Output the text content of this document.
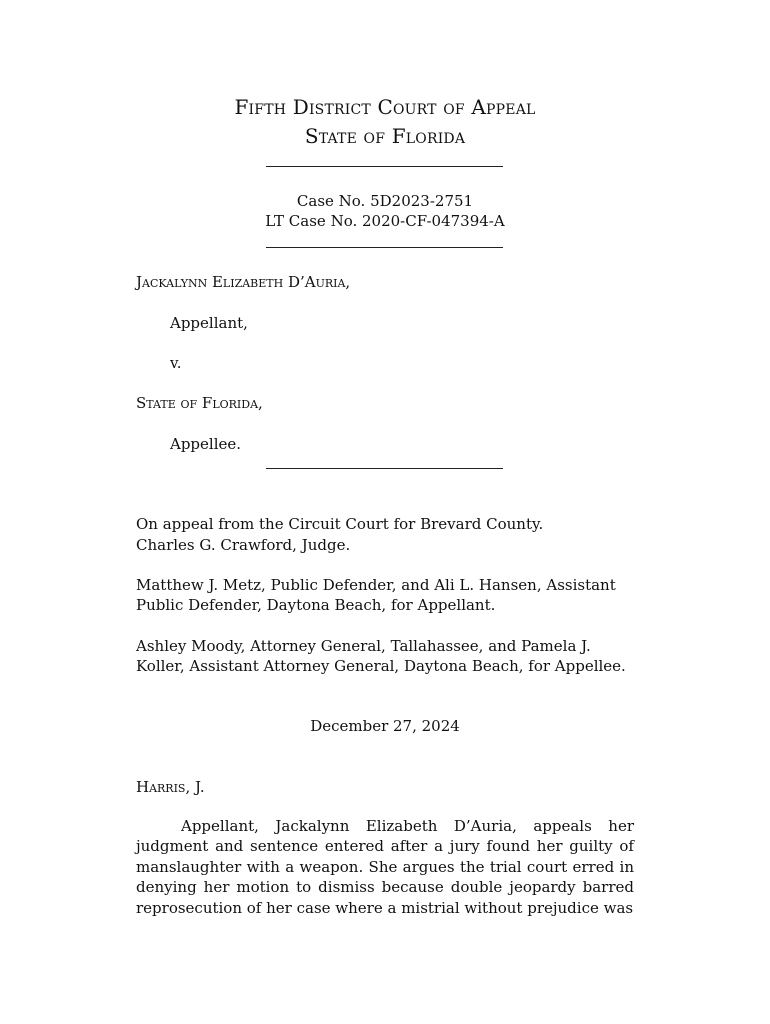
Fifth District Court of Appeal
State of Florida
Case No. 5D2023-2751
LT Case No. 2020-CF-047394-A
Jackalynn Elizabeth D’Auria,
Appellant,
v.
State of Florida,
Appellee.
On appeal from the Circuit Court for Brevard County.
Charles G. Crawford, Judge.
Matthew J. Metz, Public Defender, and Ali L. Hansen, Assistant
Public Defender, Daytona Beach, for Appellant.
Ashley Moody, Attorney General, Tallahassee, and Pamela J.
Koller, Assistant Attorney General, Daytona Beach, for Appellee.
December 27, 2024
Harris, J.
Appellant, Jackalynn Elizabeth D’Auria, appeals her judgment and sentence entered after a jury found her guilty of manslaughter with a weapon. She argues the trial court erred in denying her motion to dismiss because double jeopardy barred reprosecution of her case where a mistrial without prejudice was
